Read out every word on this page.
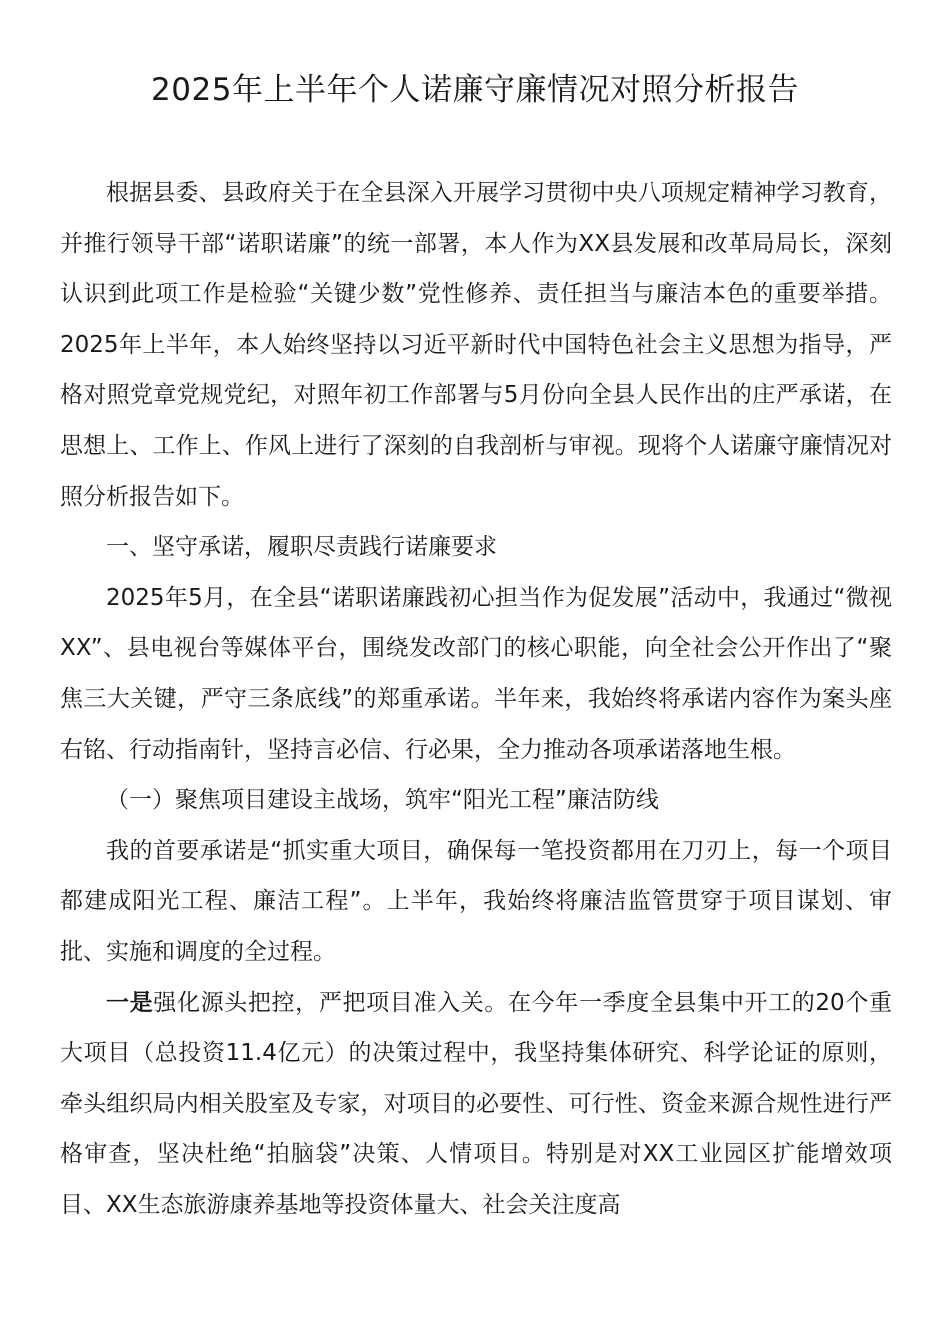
2025年上半年个人诺廉守廉情况对照分析报告

根据县委、县政府关于在全县深入开展学习贯彻中央八项规定精神学习教育，并推行领导干部“诺职诺廉”的统一部署，本人作为XX县发展和改革局局长，深刻认识到此项工作是检验“关键少数”党性修养、责任担当与廉洁本色的重要举措。2025年上半年，本人始终坚持以习近平新时代中国特色社会主义思想为指导，严格对照党章党规党纪，对照年初工作部署与5月份向全县人民作出的庄严承诺，在思想上、工作上、作风上进行了深刻的自我剖析与审视。现将个人诺廉守廉情况对照分析报告如下。

一、坚守承诺，履职尽责践行诺廉要求

2025年5月，在全县“诺职诺廉践初心担当作为促发展”活动中，我通过“微视XX”、县电视台等媒体平台，围绕发改部门的核心职能，向全社会公开作出了“聚焦三大关键，严守三条底线”的郑重承诺。半年来，我始终将承诺内容作为案头座右铭、行动指南针，坚持言必信、行必果，全力推动各项承诺落地生根。

（一）聚焦项目建设主战场，筑牢“阳光工程”廉洁防线

我的首要承诺是“抓实重大项目，确保每一笔投资都用在刀刃上，每一个项目都建成阳光工程、廉洁工程”。上半年，我始终将廉洁监管贯穿于项目谋划、审批、实施和调度的全过程。

一是强化源头把控，严把项目准入关。在今年一季度全县集中开工的20个重大项目（总投资11.4亿元）的决策过程中，我坚持集体研究、科学论证的原则，牵头组织局内相关股室及专家，对项目的必要性、可行性、资金来源合规性进行严格审查，坚决杜绝“拍脑袋”决策、人情项目。特别是对XX工业园区扩能增效项目、XX生态旅游康养基地等投资体量大、社会关注度高
